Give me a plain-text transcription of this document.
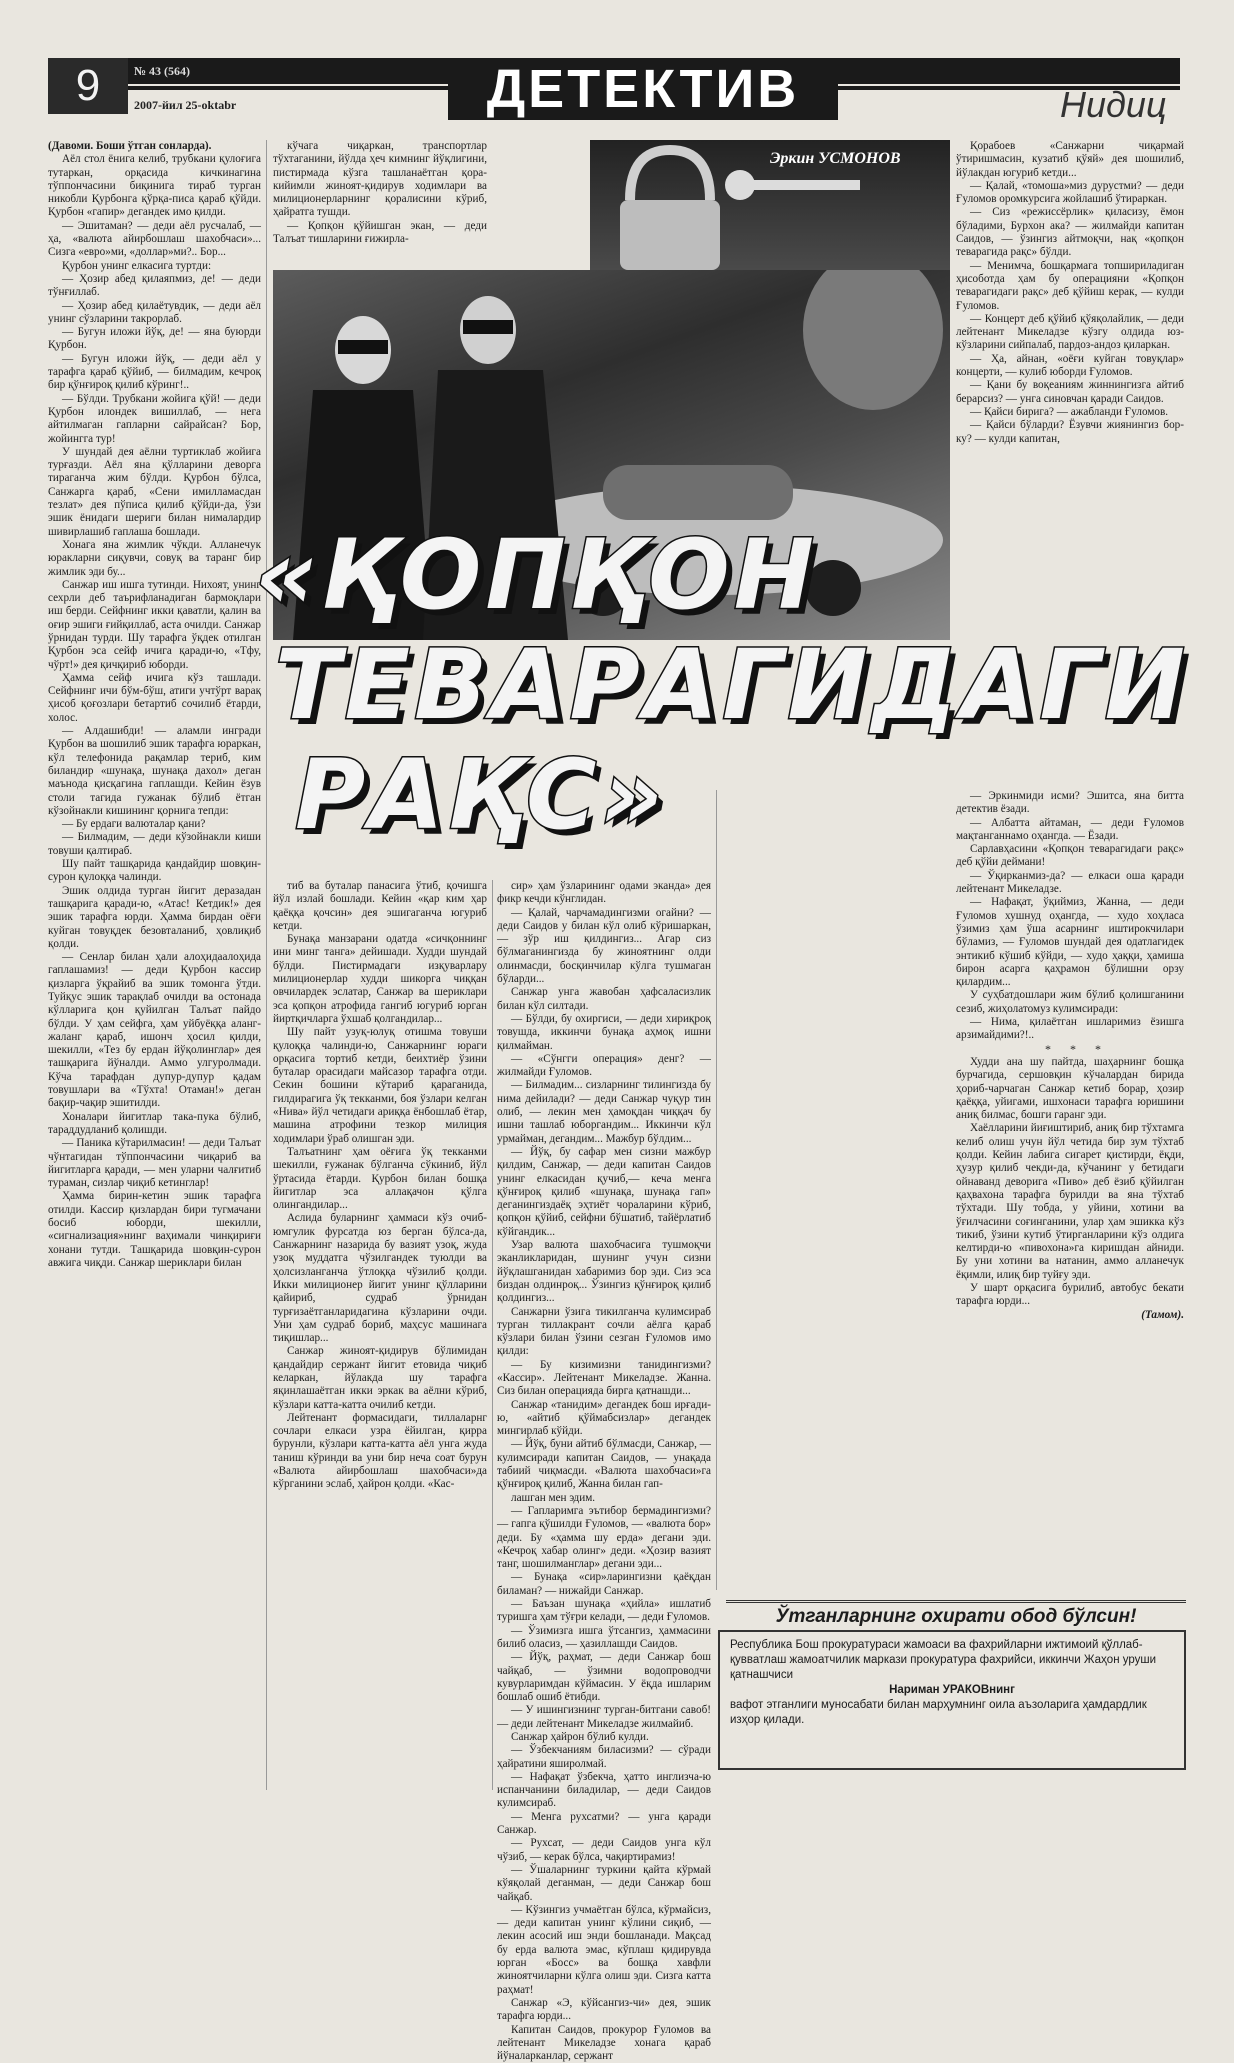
9	№ 43 (564)
2007-йил 25-oktabr	ДЕТЕКТИВ	Нидиц

(Давоми. Боши ўтган сонларда).

Аёл стол ёнига келиб, трубкани қулоғига тутаркан, орқасида кичкинагина тўппончасини биқинига тираб турган никобли Қурбонга қўрқа-писа қараб қўйди. Қурбон «гапир» дегандек имо қилди.

— Эшитаман? — деди аёл русчалаб, — ҳа, «валюта айирбошлаш шахобчаси»... Сизга «евро»ми, «доллар»ми?.. Бор...

Қурбон унинг елкасига туртди:

— Ҳозир абед қилаяпмиз, де! — деди тўнғиллаб.

— Ҳозир абед қилаётувдик, — деди аёл унинг сўзларини такрорлаб.

— Бугун иложи йўқ, де! — яна буюрди Қурбон.

— Бугун иложи йўқ, — деди аёл у тарафга қараб қўйиб, — билмадим, кечроқ бир қўнғироқ қилиб кўринг!..

— Бўлди. Трубкани жойига қўй! — деди Қурбон илондек вишиллаб, — нега айтилмаган гапларни сайрайсан? Бор, жойингга тур!

У шундай дея аёлни туртиклаб жойига турғазди. Аёл яна қўлларини деворга тираганча жим бўлди. Қурбон бўлса, Санжарга қараб, «Сени имилламасдан тезлат» дея пўписа қилиб қўйди-да, ўзи эшик ёнидаги шериги билан нималардир шивирлашиб гаплаша бошлади.

Хонага яна жимлик чўкди. Алланечук юракларни сиқувчи, совуқ ва таранг бир жимлик эди бу...

Санжар иш ишга тутинди. Нихоят, унинг сехрли деб таърифланадиган бармоқлари иш берди. Сейфнинг икки қаватли, қалин ва оғир эшиги ғийқиллаб, аста очилди. Санжар ўрнидан турди. Шу тарафга ўқдек отилган Қурбон эса сейф ичига қаради-ю, «Тфу, чўрт!» дея қичқириб юборди.

Ҳамма сейф ичига кўз ташлади. Сейфнинг ичи бўм-бўш, атиги учтўрт варақ ҳисоб қоғозлари бетартиб сочилиб ётарди, холос.

— Алдашибди! — аламли ингради Қурбон ва шошилиб эшик тарафга юраркан, кўл телефонида рақамлар териб, ким биландир «шунақа, шунақа дахол» деган маънода қисқагина гаплашди. Кейин ёзув столи тагида гужанак бўлиб ётган кўзойнакли кишининг қорнига тепди:

— Бу ердаги валюталар қани?

— Билмадим, — деди кўзойнакли киши товуши қалтираб.

Шу пайт ташқарида қандайдир шовқин-сурон қулоққа чалинди.

Эшик олдида турган йигит деразадан ташқарига қаради-ю, «Атас! Кетдик!» дея эшик тарафга юрди. Ҳамма бирдан оёғи куйган товуқдек безовталаниб, ҳовлиқиб қолди.

— Сенлар билан ҳали алоҳидаалоҳида гаплашамиз! — деди Қурбон кассир қизларга ўқрайиб ва эшик томонга ўтди. Туйқус эшик тарақлаб очилди ва остонада кўлларига қон қуйилган Талъат пайдо бўлди. У ҳам сейфга, ҳам уйбуёққа аланг-жаланг қараб, ишонч ҳосил қилди, шекилли, «Тез бу ердан йўқолинглар» дея ташқарига йўналди. Аммо улгуролмади. Кўча тарафдан дупур-дупур қадам товушлари ва «Тўхта! Отаман!» деган бақир-чақир эшитилди.

Хоналари йигитлар така-пука бўлиб, тараддудланиб қолишди.

— Паника кўтарилмасин! — деди Талъат чўнтагидан тўппончасини чиқариб ва йигитларга қаради, — мен уларни чалғитиб тураман, сизлар чиқиб кетинглар!

Ҳамма бирин-кетин эшик тарафга отилди. Кассир қизлардан бири тугмачани босиб юборди, шекилли, «сигнализация»нинг ваҳимали чинқириғи хонани тутди. Ташқарида шовқин-сурон авжига чиқди. Санжар шериклари билан

кўчага чиқаркан, транспортлар тўхтаганини, йўлда ҳеч кимнинг йўқлигини, пистирмада кўзга ташланаётган қора-кийимли жиноят-қидирув ходимлари ва милиционерларнинг қоралисини кўриб, ҳайратга тушди.

— Қопқон қўйишган экан, — деди Талъат тишларини ғижирла-

Эркин УСМОНОВ
«ҚОПҚОН
ТЕВАРАГИДАГИ
РАҚС»

тиб ва буталар панасига ўтиб, қочишга йўл излай бошлади. Кейин «қар ким ҳар қаёққа қочсин» дея эшигаганча югуриб кетди.

Бунақа манзарани одатда «сичқоннинг ини минг танга» дейишади. Худди шундай бўлди. Пистирмадаги изқуварлару милиционерлар худди шикорга чиққан овчилардек эслатар, Санжар ва шериклари эса қопқон атрофида гангиб югуриб юрган йиртқичларга ўхшаб қолгандилар...

Шу пайт узуқ-юлуқ отишма товуши қулоққа чалинди-ю, Санжарнинг юраги орқасига тортиб кетди, беихтиёр ўзини буталар орасидаги майсазор тарафга отди. Секин бошини кўтариб қараганида, гилдирагига ўқ текканми, боя ўзлари келган «Нива» йўл четидаги ариққа ёнбошлаб ётар, машина атрофини тезкор милиция ходимлари ўраб олишган эди.

Талъатнинг ҳам оёғига ўқ текканми шекилли, ғужанак бўлганча сўкиниб, йўл ўртасида ётарди. Қурбон билан бошқа йигитлар эса аллақачон қўлга олингандилар...

Аслида буларнинг ҳаммаси кўз очиб-юмгулик фурсатда юз берган бўлса-да, Санжарнинг назарида бу вазият узоқ, жуда узоқ муддатга чўзилгандек туюлди ва ҳолсизланганча ўтлоққа чўзилиб қолди. Икки милиционер йигит унинг қўлларини қайириб, судраб ўрнидан турғизаётганларидагина кўзларини очди. Уни ҳам судраб бориб, маҳсус машинага тиқишлар...

Санжар жиноят-қидирув бўлимидан қандайдир сержант йигит етовида чиқиб келаркан, йўлакда шу тарафга яқинлашаётган икки эркак ва аёлни кўриб, кўзлари катта-катта очилиб кетди.

Лейтенант формасидаги, тиллаларнг сочлари елкаси узра ёйилган, қирра бурунли, кўзлари катта-катта аёл унга жуда таниш кўринди ва уни бир неча соат бурун «Валюта айирбошлаш шахобчаси»да кўрганини эслаб, ҳайрон қолди. «Кас-

сир» ҳам ўзларининг одами эканда» дея фикр кечди кўнглидан.

— Қалай, чарчамадингизми огайни? — деди Саидов у билан кўл олиб кўришаркан, — зўр иш қилдингиз... Агар сиз бўлмаганингизда бу жиноятнинг олди олинмасди, босқинчилар кўлга тушмаган бўларди...

Санжар унга жавобан ҳафсаласизлик билан кўл силтади.

— Бўлди, бу охиргиси, — деди хириқроқ товушда, иккинчи бунақа аҳмоқ ишни қилмайман.

— «Сўнгги операция» денг? — жилмайди Ғуломов.

— Билмадим... сизларнинг тилингизда бу нима дейилади? — деди Санжар чуқур тин олиб, — лекин мен ҳамоқдан чиққач бу ишни ташлаб юборгандим... Иккинчи кўл урмайман, дегандим... Мажбур бўлдим...

— Йўқ, бу сафар мен сизни мажбур қилдим, Санжар, — деди капитан Саидов унинг елкасидан қучиб,— кеча менга қўнғироқ қилиб «шунақа, шунақа гап» деганингиздаёқ эҳтиёт чораларини кўриб, қопқон қўйиб, сейфни бўшатиб, тайёрлатиб кўйгандик...

Узар валюта шахобчасига тушмоқчи эканликларидан, шунинг учун сизни йўқлашганидан хабаримиз бор эди. Сиз эса биздан олдинроқ... Ўзингиз қўнғироқ қилиб қолдингиз...

Санжарни ўзига тикилганча кулимсираб турган тиллакрант сочли аёлга қараб кўзлари билан ўзини сезган Ғуломов имо қилди:

— Бу кизимизни танидингизми? «Кассир». Лейтенант Микеладзе. Жанна. Сиз билан операцияда бирга қатнашди...

Санжар «танидим» дегандек бош ирғади-ю, «айтиб қўймабсизлар» дегандек мингирлаб кўйди.

— Йўқ, буни айтиб бўлмасди, Санжар, — кулимсиради капитан Саидов, — унақада табиий чиқмасди. «Валюта шахобчаси»га қўнғироқ қилиб, Жанна билан гап-

лашган мен эдим.

— Гапларимга эътибор бермадингизми? — гапга қўшилди Ғуломов, — «валюта бор» деди. Бу «ҳамма шу ерда» дегани эди. «Кечроқ хабар олинг» деди. «Ҳозир вазият танг, шошилманглар» дегани эди...

— Бунақа «сир»ларингизни қаёқдан биламан? — нижайди Санжар.

— Баъзан шунақа «ҳийла» ишлатиб туришга ҳам тўғри келади, — деди Ғуломов.

— Ўзимизга ишга ўтсангиз, ҳаммасини билиб оласиз, — ҳазиллашди Саидов.

— Йўқ, раҳмат, — деди Санжар бош чайқаб, — ўзимни водопроводчи кувурларимдан кўймасин. У ёқда ишларим бошлаб ошиб ётибди.

— У ишингизнинг турган-битгани савоб! — деди лейтенант Микеладзе жилмайиб.

Санжар ҳайрон бўлиб кулди.

— Ўзбекчаниям биласизми? — сўради ҳайратини яширолмай.

— Нафақат ўзбекча, ҳатто инглизча-ю испанчанини биладилар, — деди Саидов кулимсираб.

— Менга рухсатми? — унга қаради Санжар.

— Рухсат, — деди Саидов унга кўл чўзиб, — керак бўлса, чақиртирамиз!

— Ўшаларнинг туркини қайта кўрмай кўяқолай деганман, — деди Санжар бош чайқаб.

— Кўзингиз учмаётган бўлса, кўрмайсиз, — деди капитан унинг кўлини сиқиб, — лекин асосий иш энди бошланади. Мақсад бу ерда валюта эмас, кўплаш қидирувда юрган «Босс» ва бошқа хавфли жиноятчиларни кўлга олиш эди. Сизга катта раҳмат!

Санжар «Э, кўйсангиз-чи» дея, эшик тарафга юрди...

Капитан Саидов, прокурор Ғуломов ва лейтенант Микеладзе хонага қараб йўналарканлар, сержант

Қорабоев «Санжарни чиқармай ўтиришмасин, кузатиб қўяй» дея шошилиб, йўлакдан югуриб кетди...

— Қалай, «томоша»миз дурустми? — деди Ғуломов оромкурсига жойлашиб ўтираркан.

— Сиз «режиссёрлик» қиласизу, ёмон бўладими, Бурхон ака? — жилмайди капитан Саидов, — ўзингиз айтмоқчи, нақ «қопқон теварагида рақс» бўлди.

— Менимча, бошқармага топшириладиган ҳисоботда ҳам бу операцияни «Қопқон теварагидаги рақс» деб қўйиш керак, — кулди Ғуломов.

— Концерт деб қўйиб қўяқолайлик, — деди лейтенант Микеладзе кўзгу олдида юз-кўзларини сийпалаб, пардоз-андоз қиларкан.

— Ҳа, айнан, «оёғи куйган товуқлар» концерти, — кулиб юборди Ғуломов.

— Қани бу воқеаниям жиннингизга айтиб берарсиз? — унга синовчан қаради Саидов.

— Қайси бирига? — ажабланди Ғуломов.

— Қайси бўларди? Ёзувчи жиянингиз бор-ку? — кулди капитан,

— Эркинмиди исми? Эшитса, яна битта детектив ёзади.

— Албатта айтаман, — деди Ғуломов мақтанганнамо оҳангда. — Ёзади.

Сарлавҳасини «Қопқон теварагидаги рақс» деб қўйи деймани!

— Ўқирканмиз-да? — елкаси оша қаради лейтенант Микеладзе.

— Нафақат, ўқиймиз, Жанна, — деди Ғуломов хушнуд оҳангда, — худо хоҳласа ўзимиз ҳам ўша асарнинг иштирокчилари бўламиз, — Ғуломов шундай дея одатлагидек энтикиб кўшиб кўйди, — худо ҳаққи, ҳамиша бирон асарга қаҳрамон бўлишни орзу қилардим...

У суҳбатдошлари жим бўлиб қолишганини сезиб, жиҳолатомуз кулимсиради:

— Нима, қилаётган ишларимиз ёзишга арзимайдими?!..

* * *

Худди ана шу пайтда, шаҳарнинг бошқа бурчагида, сершовқин кўчалардан бирида ҳориб-чарчаган Санжар кетиб борар, ҳозир қаёққа, уйигами, ишхонаси тарафга юришини аниқ билмас, бошги гаранг эди.

Хаёлларини йиғиштириб, аниқ бир тўхтамга келиб олиш учун йўл четида бир зум тўхтаб қолди. Кейин лабига сигарет қистирди, ёқди, ҳузур қилиб чекди-да, кўчанинг у бетидаги ойнаванд деворига «Пиво» деб ёзиб қўйилган қаҳвахона тарафга бурилди ва яна тўхтаб тўхтади. Шу тобда, у уйини, хотини ва ўғилчасини соғинганини, улар ҳам эшикка кўз тикиб, ўзини кутиб ўтирганларини кўз олдига келтирди-ю «пивохона»га киришдан айниди. Бу уни хотини ва натанин, аммо алланечук ёқимли, илиқ бир туйғу эди.

У шарт орқасига бурилиб, автобус бекати тарафга юрди...

(Тамом).

Ўтганларнинг охирати обод бўлсин!
Республика Бош прокуратураси жамоаси ва фахрийларни ижтимоий қўллаб-қувватлаш жамоатчилик маркази прокуратура фахрийси, иккинчи Жаҳон уруши қатнашчиси
Нариман УРАКОВнинг
вафот этганлиги муносабати билан марҳумнинг оила аъзоларига ҳамдардлик изҳор қилади.
